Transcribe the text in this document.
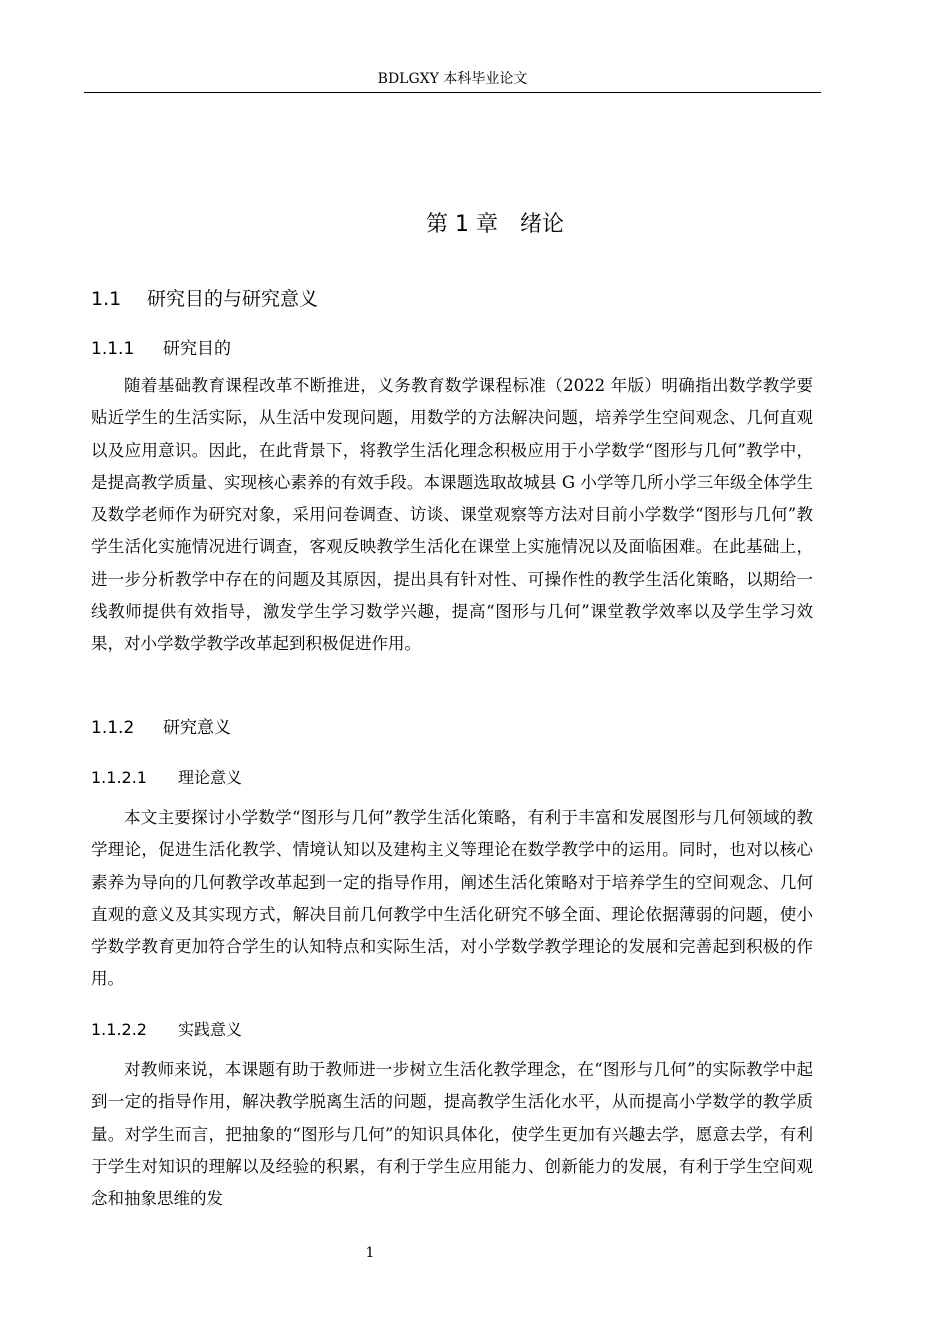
BDLGXY 本科毕业论文
第 1 章　绪论
1.1 研究目的与研究意义
1.1.1 研究目的

随着基础教育课程改革不断推进，义务教育数学课程标准（2022 年版）明确指出数学教学要贴近学生的生活实际，从生活中发现问题，用数学的方法解决问题，培养学生空间观念、几何直观以及应用意识。因此，在此背景下，将教学生活化理念积极应用于小学数学“图形与几何”教学中，是提高教学质量、实现核心素养的有效手段。本课题选取故城县 G 小学等几所小学三年级全体学生及数学老师作为研究对象，采用问卷调查、访谈、课堂观察等方法对目前小学数学“图形与几何”教学生活化实施情况进行调查，客观反映教学生活化在课堂上实施情况以及面临困难。在此基础上，进一步分析教学中存在的问题及其原因，提出具有针对性、可操作性的教学生活化策略，以期给一线教师提供有效指导，激发学生学习数学兴趣，提高“图形与几何”课堂教学效率以及学生学习效果，对小学数学教学改革起到积极促进作用。

1.1.2 研究意义
1.1.2.1 理论意义

本文主要探讨小学数学“图形与几何”教学生活化策略，有利于丰富和发展图形与几何领域的教学理论，促进生活化教学、情境认知以及建构主义等理论在数学教学中的运用。同时，也对以核心素养为导向的几何教学改革起到一定的指导作用，阐述生活化策略对于培养学生的空间观念、几何直观的意义及其实现方式，解决目前几何教学中生活化研究不够全面、理论依据薄弱的问题，使小学数学教育更加符合学生的认知特点和实际生活，对小学数学教学理论的发展和完善起到积极的作用。

1.1.2.2 实践意义

对教师来说，本课题有助于教师进一步树立生活化教学理念，在“图形与几何”的实际教学中起到一定的指导作用，解决教学脱离生活的问题，提高教学生活化水平，从而提高小学数学的教学质量。对学生而言，把抽象的“图形与几何”的知识具体化，使学生更加有兴趣去学，愿意去学，有利于学生对知识的理解以及经验的积累，有利于学生应用能力、创新能力的发展，有利于学生空间观念和抽象思维的发

1
